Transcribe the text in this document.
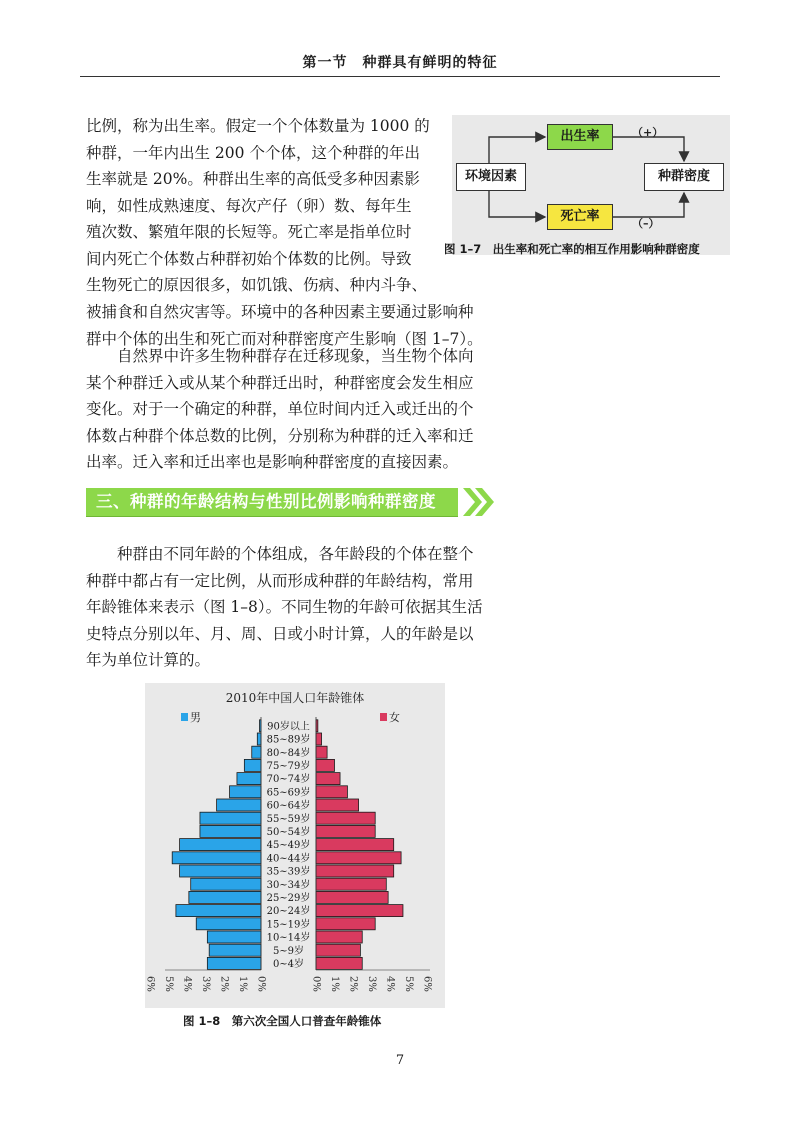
第一节　种群具有鲜明的特征
比例，称为出生率。假定一个个体数量为 1000 的
种群，一年内出生 200 个个体，这个种群的年出
生率就是 20%。种群出生率的高低受多种因素影
响，如性成熟速度、每次产仔（卵）数、每年生
殖次数、繁殖年限的长短等。死亡率是指单位时
间内死亡个体数占种群初始个体数的比例。导致
生物死亡的原因很多，如饥饿、伤病、种内斗争、
被捕食和自然灾害等。环境中的各种因素主要通过影响种
群中个体的出生和死亡而对种群密度产生影响（图 1–7）。
出生率
环境因素	种群密度
死亡率
（+）
（–）
图 1–7　出生率和死亡率的相互作用影响种群密度
自然界中许多生物种群存在迁移现象，当生物个体向
某个种群迁入或从某个种群迁出时，种群密度会发生相应
变化。对于一个确定的种群，单位时间内迁入或迁出的个
体数占种群个体总数的比例，分别称为种群的迁入率和迁
出率。迁入率和迁出率也是影响种群密度的直接因素。
三、种群的年龄结构与性别比例影响种群密度
种群由不同年龄的个体组成，各年龄段的个体在整个
种群中都占有一定比例，从而形成种群的年龄结构，常用
年龄锥体来表示（图 1–8）。不同生物的年龄可依据其生活
史特点分别以年、月、周、日或小时计算，人的年龄是以
年为单位计算的。
2010年中国人口年龄锥体
男	女
0~4岁
5~9岁
10~14岁
15~19岁
20~24岁
25~29岁
30~34岁
35~39岁
40~44岁
45~49岁
50~54岁
55~59岁
60~64岁
65~69岁
70~74岁
75~79岁
80~84岁
85~89岁
90岁以上
6% 5% 4% 3% 2% 1% 0%	0% 1% 2% 3% 4% 5% 6%
图 1–8　第六次全国人口普查年龄锥体
7
